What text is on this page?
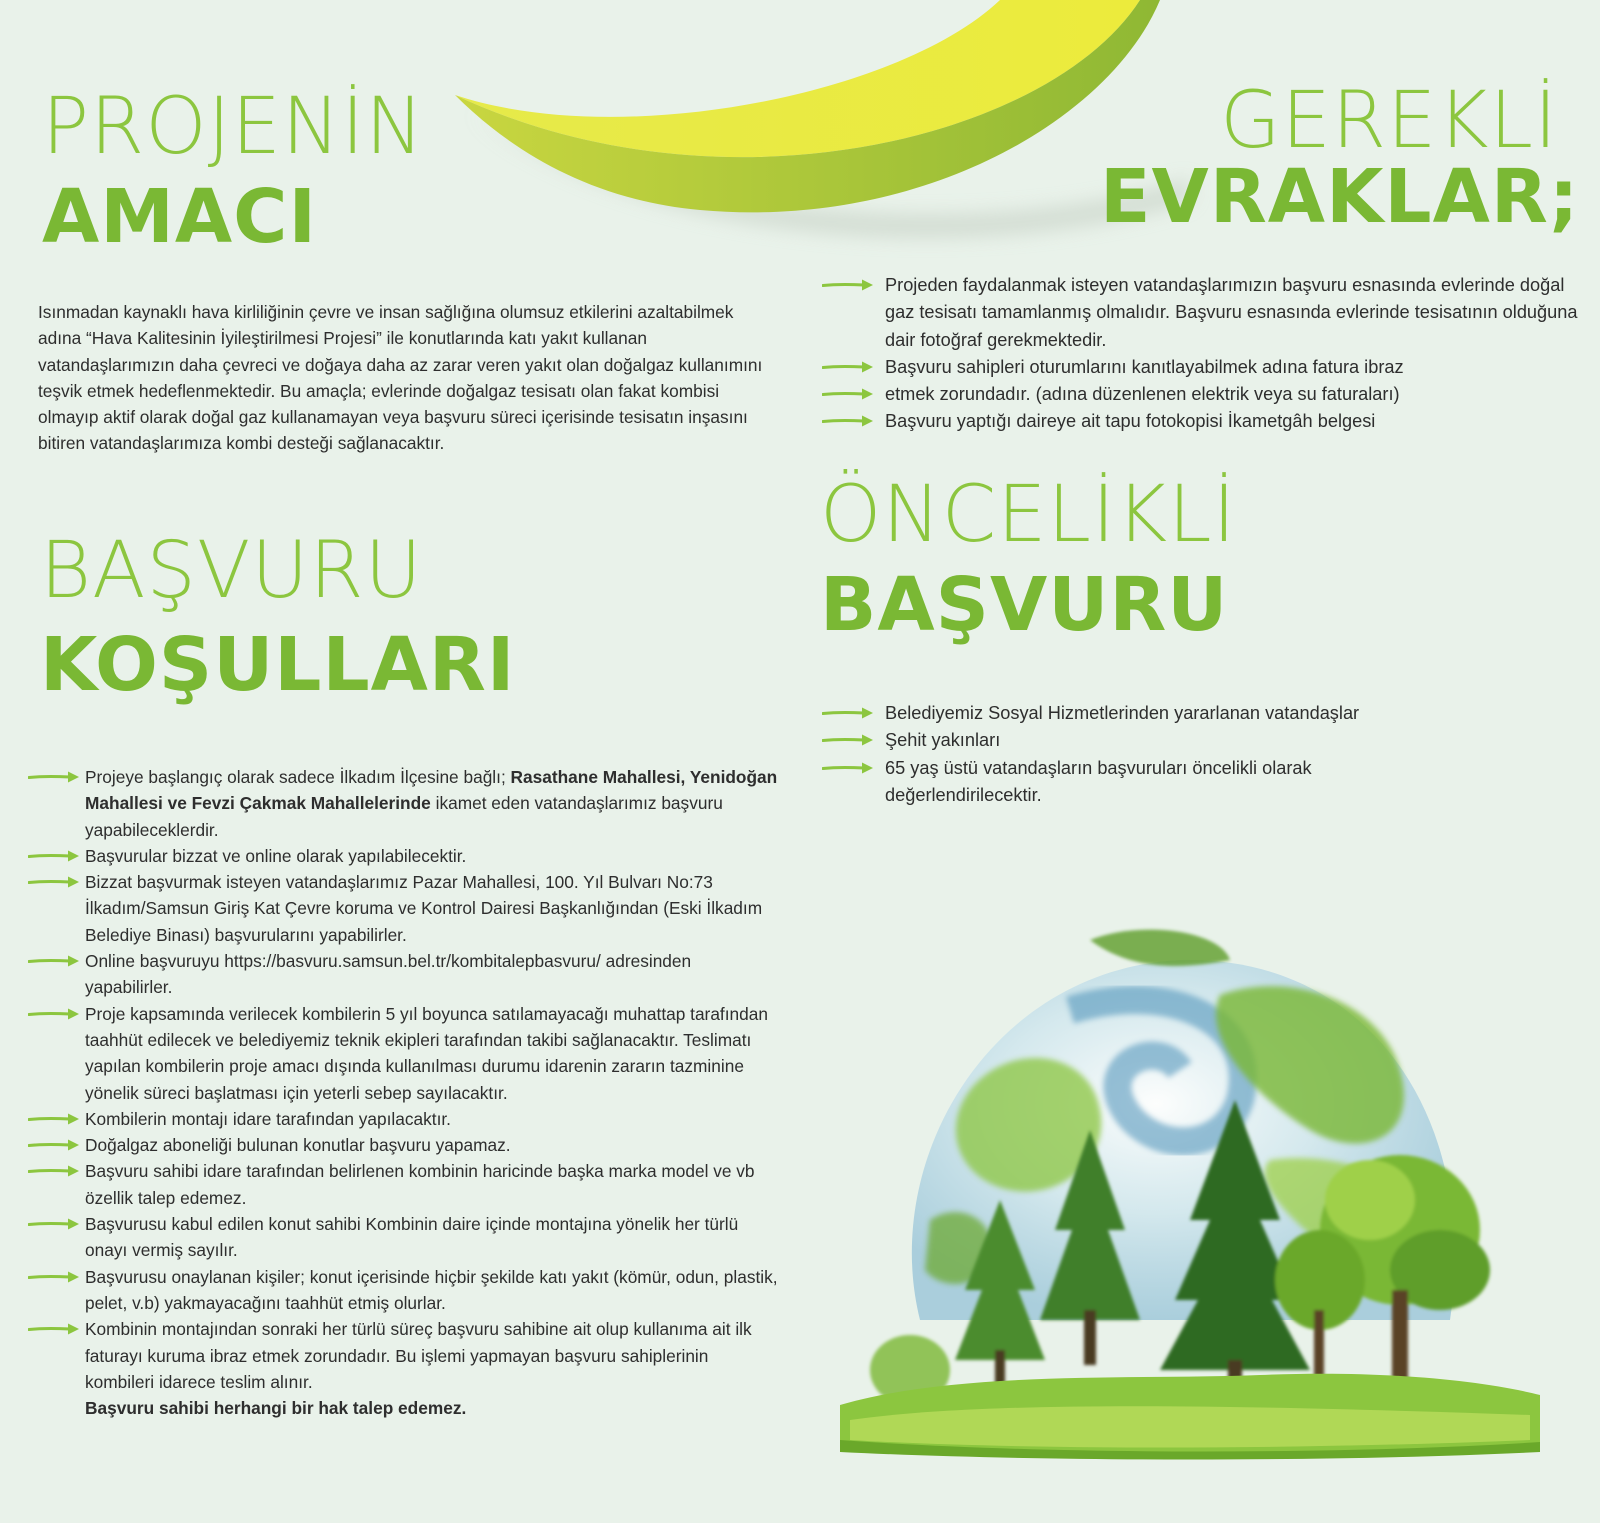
PROJENİN
AMACI

Isınmadan kaynaklı hava kirliliğinin çevre ve insan sağlığına olumsuz etkilerini azaltabilmek adına “Hava Kalitesinin İyileştirilmesi Projesi” ile konutlarında katı yakıt kullanan vatandaşlarımızın daha çevreci ve doğaya daha az zarar veren yakıt olan doğalgaz kullanımını teşvik etmek hedeflenmektedir. Bu amaçla; evlerinde doğalgaz tesisatı olan fakat kombisi olmayıp aktif olarak doğal gaz kullanamayan veya başvuru süreci içerisinde tesisatın inşasını bitiren vatandaşlarımıza kombi desteği sağlanacaktır.

BAŞVURU
KOŞULLARI
Projeye başlangıç olarak sadece İlkadım İlçesine bağlı; Rasathane Mahallesi, Yenidoğan Mahallesi ve Fevzi Çakmak Mahallelerinde ikamet eden vatandaşlarımız başvuru yapabileceklerdir.
Başvurular bizzat ve online olarak yapılabilecektir.
Bizzat başvurmak isteyen vatandaşlarımız Pazar Mahallesi, 100. Yıl Bulvarı No:73 İlkadım/Samsun Giriş Kat Çevre koruma ve Kontrol Dairesi Başkanlığından (Eski İlkadım Belediye Binası) başvurularını yapabilirler.
Online başvuruyu https://basvuru.samsun.bel.tr/kombitalepbasvuru/ adresinden yapabilirler.
Proje kapsamında verilecek kombilerin 5 yıl boyunca satılamayacağı muhattap tarafından taahhüt edilecek ve belediyemiz teknik ekipleri tarafından takibi sağlanacaktır. Teslimatı yapılan kombilerin proje amacı dışında kullanılması durumu idarenin zararın tazminine yönelik süreci başlatması için yeterli sebep sayılacaktır.
Kombilerin montajı idare tarafından yapılacaktır.
Doğalgaz aboneliği bulunan konutlar başvuru yapamaz.
Başvuru sahibi idare tarafından belirlenen kombinin haricinde başka marka model ve vb özellik talep edemez.
Başvurusu kabul edilen konut sahibi Kombinin daire içinde montajına yönelik her türlü onayı vermiş sayılır.
Başvurusu onaylanan kişiler; konut içerisinde hiçbir şekilde katı yakıt (kömür, odun, plastik, pelet, v.b) yakmayacağını taahhüt etmiş olurlar.
Kombinin montajından sonraki her türlü süreç başvuru sahibine ait olup kullanıma ait ilk faturayı kuruma ibraz etmek zorundadır. Bu işlemi yapmayan başvuru sahiplerinin kombileri idarece teslim alınır.
Başvuru sahibi herhangi bir hak talep edemez.
GEREKLİ
EVRAKLAR;
Projeden faydalanmak isteyen vatandaşlarımızın başvuru esnasında evlerinde doğal gaz tesisatı tamamlanmış olmalıdır. Başvuru esnasında evlerinde tesisatının olduğuna dair fotoğraf gerekmektedir.
Başvuru sahipleri oturumlarını kanıtlayabilmek adına fatura ibraz
etmek zorundadır. (adına düzenlenen elektrik veya su faturaları)
Başvuru yaptığı daireye ait tapu fotokopisi İkametgâh belgesi
ÖNCELİKLİ
BAŞVURU
Belediyemiz Sosyal Hizmetlerinden yararlanan vatandaşlar
Şehit yakınları
65 yaş üstü vatandaşların başvuruları öncelikli olarak değerlendirilecektir.
